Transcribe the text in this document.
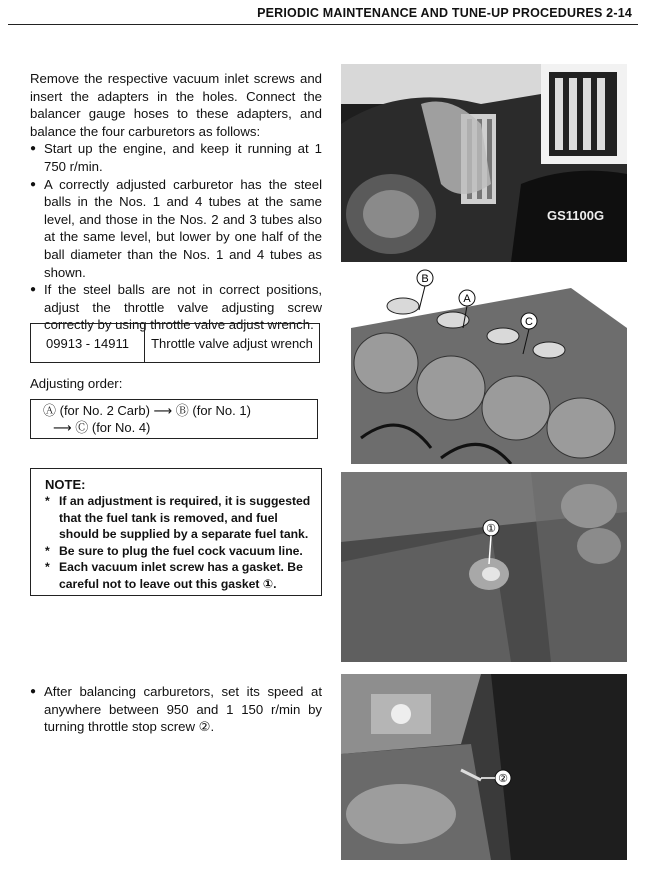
PERIODIC MAINTENANCE AND TUNE-UP PROCEDURES 2-14
Remove the respective vacuum inlet screws and insert the adapters in the holes. Connect the balancer gauge hoses to these adapters, and balance the four carburetors as follows:
● Start up the engine, and keep it running at 1 750 r/min.
● A correctly adjusted carburetor has the steel balls in the Nos. 1 and 4 tubes at the same level, and those in the Nos. 2 and 3 tubes also at the same level, but lower by one half of the ball diameter than the Nos. 1 and 4 tubes as shown.
● If the steel balls are not in correct positions, adjust the throttle valve adjusting screw correctly by using throttle valve adjust wrench.
09913 - 14911	Throttle valve adjust wrench
Adjusting order:
Ⓐ (for No. 2 Carb) ⟶ Ⓑ (for No. 1)
⟶ Ⓒ (for No. 4)
NOTE:
* If an adjustment is required, it is suggested that the fuel tank is removed, and fuel should be supplied by a separate fuel tank.
* Be sure to plug the fuel cock vacuum line.
* Each vacuum inlet screw has a gasket. Be careful not to leave out this gasket ①.
● After balancing carburetors, set its speed at anywhere between 950 and 1 150 r/min by turning throttle stop screw ②.
GS1100G
B
A
C
①
②
